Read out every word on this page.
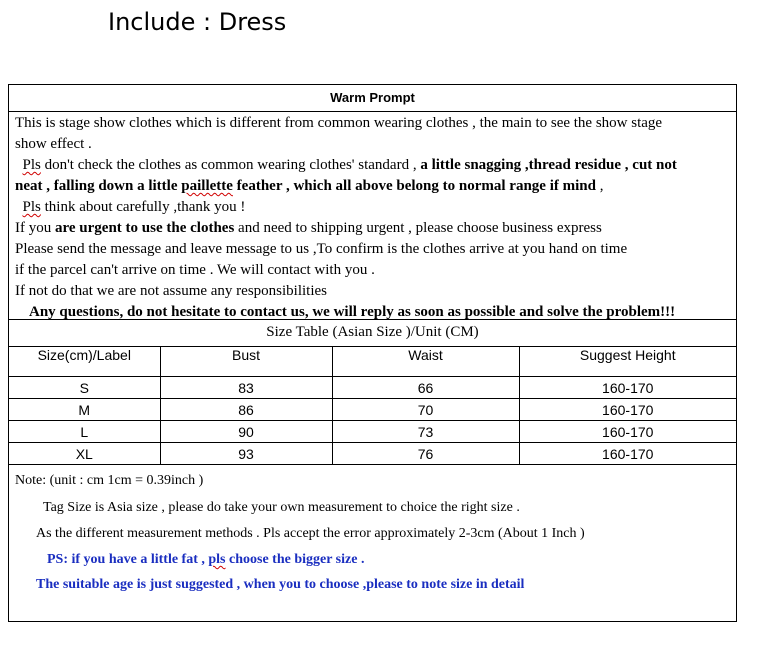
Include : Dress
Warm Prompt
This is stage show clothes which is different from common wearing clothes , the main to see the show stage
show effect .
Pls don't check the clothes as common wearing clothes' standard , a little snagging ,thread residue , cut not
neat , falling down a little paillette feather , which all above belong to normal range if mind ,
Pls think about carefully ,thank you !
If you are urgent to use the clothes and need to shipping urgent , please choose business express
Please send the message and leave message to us ,To confirm is the clothes arrive at you hand on time
if the parcel can't arrive on time . We will contact with you .
If not do that we are not assume any responsibilities
Any questions, do not hesitate to contact us, we will reply as soon as possible and solve the problem!!!
Size Table (Asian Size )/Unit (CM)
Size(cm)/Label	Bust	Waist	Suggest Height
S	83	66	160-170
M	86	70	160-170
L	90	73	160-170
XL	93	76	160-170
Note: (unit : cm 1cm = 0.39inch )
Tag Size is Asia size , please do take your own measurement to choice the right size .
As the different measurement methods . Pls accept the error approximately 2-3cm (About 1 Inch )
PS: if you have a little fat , pls choose the bigger size .
The suitable age is just suggested , when you to choose ,please to note size in detail
